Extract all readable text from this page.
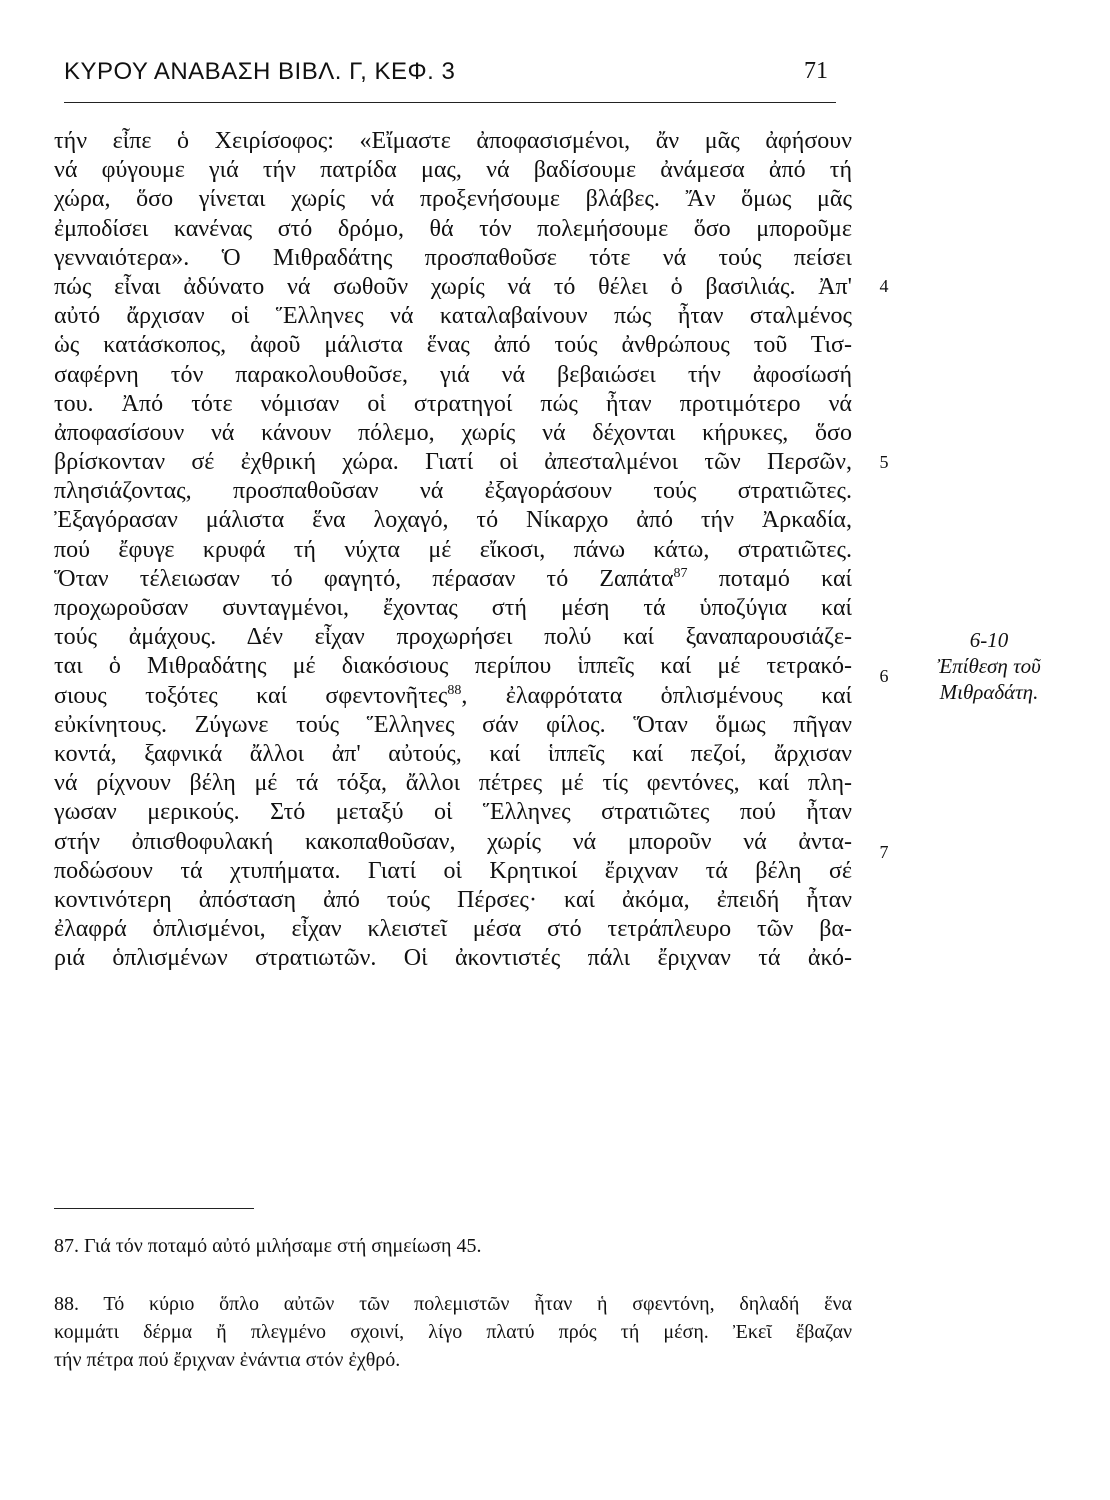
ΚΥΡΟΥ ΑΝΑΒΑΣΗ ΒΙΒΛ. Γ, ΚΕΦ. 3	71
τήν εἶπε ὁ Χειρίσοφος: «Εἴμαστε ἀποφασισμένοι, ἄν μᾶς ἀφήσουν
νά φύγουμε γιά τήν πατρίδα μας, νά βαδίσουμε ἀνάμεσα ἀπό τή
χώρα, ὅσο γίνεται χωρίς νά προξενήσουμε βλάβες. Ἄν ὅμως μᾶς
ἐμποδίσει κανένας στό δρόμο, θά τόν πολεμήσουμε ὅσο μποροῦμε
γενναιότερα». Ὁ Μιθραδάτης προσπαθοῦσε τότε νά τούς πείσει
πώς εἶναι ἀδύνατο νά σωθοῦν χωρίς νά τό θέλει ὁ βασιλιάς. Ἀπ'
αὐτό ἄρχισαν οἱ Ἕλληνες νά καταλαβαίνουν πώς ἦταν σταλμένος
ὡς κατάσκοπος, ἀφοῦ μάλιστα ἕνας ἀπό τούς ἀνθρώπους τοῦ Τισ-
σαφέρνη τόν παρακολουθοῦσε, γιά νά βεβαιώσει τήν ἀφοσίωσή
του. Ἀπό τότε νόμισαν οἱ στρατηγοί πώς ἦταν προτιμότερο νά
ἀποφασίσουν νά κάνουν πόλεμο, χωρίς νά δέχονται κήρυκες, ὅσο
βρίσκονταν σέ ἐχθρική χώρα. Γιατί οἱ ἀπεσταλμένοι τῶν Περσῶν,
πλησιάζοντας, προσπαθοῦσαν νά ἐξαγοράσουν τούς στρατιῶτες.
Ἐξαγόρασαν μάλιστα ἕνα λοχαγό, τό Νίκαρχο ἀπό τήν Ἀρκαδία,
πού ἔφυγε κρυφά τή νύχτα μέ εἴκοσι, πάνω κάτω, στρατιῶτες.
Ὅταν τέλειωσαν τό φαγητό, πέρασαν τό Ζαπάτα$^{87}$ ποταμό καί
προχωροῦσαν συνταγμένοι, ἔχοντας στή μέση τά ὑποζύγια καί
τούς ἀμάχους. Δέν εἶχαν προχωρήσει πολύ καί ξαναπαρουσιάζε-
ται ὁ Μιθραδάτης μέ διακόσιους περίπου ἱππεῖς καί μέ τετρακό-
σιους τοξότες καί σφεντονῆτες$^{88}$, ἐλαφρότατα ὁπλισμένους καί
εὐκίνητους. Ζύγωνε τούς Ἕλληνες σάν φίλος. Ὅταν ὅμως πῆγαν
κοντά, ξαφνικά ἄλλοι ἀπ' αὐτούς, καί ἱππεῖς καί πεζοί, ἄρχισαν
νά ρίχνουν βέλη μέ τά τόξα, ἄλλοι πέτρες μέ τίς φεντόνες, καί πλη-
γωσαν μερικούς. Στό μεταξύ οἱ Ἕλληνες στρατιῶτες πού ἦταν
στήν ὀπισθοφυλακή κακοπαθοῦσαν, χωρίς νά μποροῦν νά ἀντα-
ποδώσουν τά χτυπήματα. Γιατί οἱ Κρητικοί ἔριχναν τά βέλη σέ
κοντινότερη ἀπόσταση ἀπό τούς Πέρσες· καί ἀκόμα, ἐπειδή ἦταν
ἐλαφρά ὁπλισμένοι, εἶχαν κλειστεῖ μέσα στό τετράπλευρο τῶν βα-
ριά ὁπλισμένων στρατιωτῶν. Οἱ ἀκοντιστές πάλι ἔριχναν τά ἀκό-
4
5
6
7
6-10
Ἐπίθεση τοῦ
Μιθραδάτη.
87. Γιά τόν ποταμό αὐτό μιλήσαμε στή σημείωση 45.
88. Τό κύριο ὅπλο αὐτῶν τῶν πολεμιστῶν ἦταν ἡ σφεντόνη, δηλαδή ἕνα
κομμάτι δέρμα ἤ πλεγμένο σχοινί, λίγο πλατύ πρός τή μέση. Ἐκεῖ ἔβαζαν
τήν πέτρα πού ἔριχναν ἐνάντια στόν ἐχθρό.
